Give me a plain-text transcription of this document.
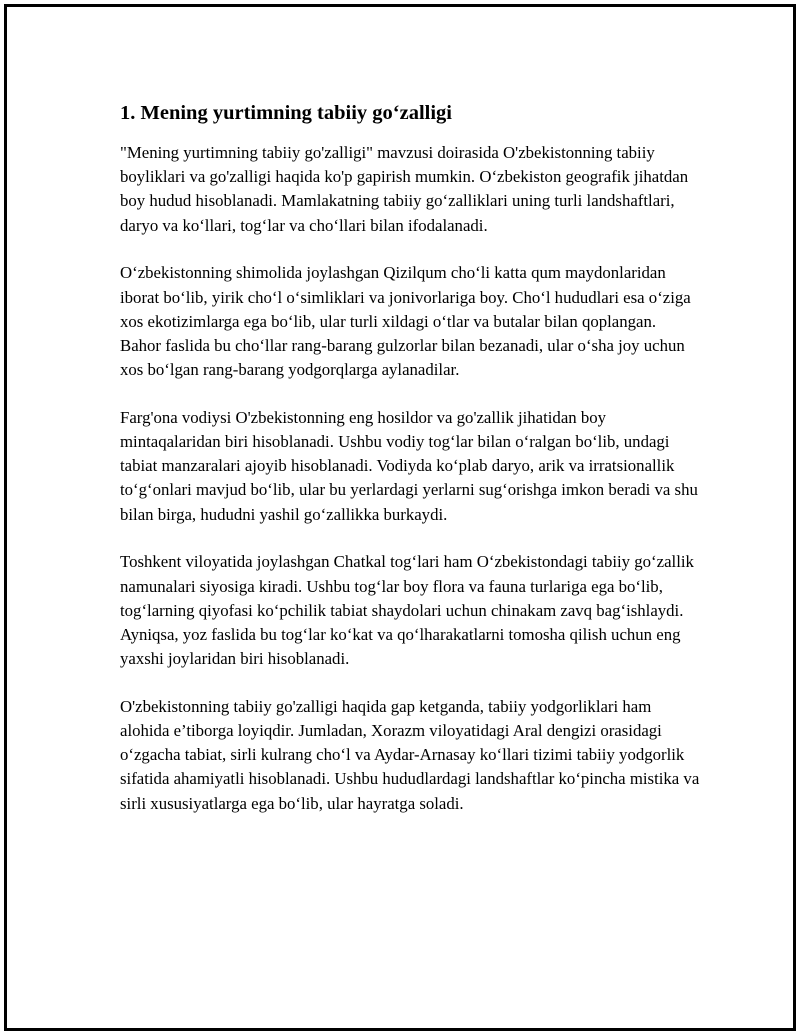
1. Mening yurtimning tabiiy go‘zalligi

"Mening yurtimning tabiiy go'zalligi" mavzusi doirasida O'zbekistonning tabiiy boyliklari va go'zalligi haqida ko'p gapirish mumkin. O‘zbekiston geografik jihatdan boy hudud hisoblanadi. Mamlakatning tabiiy go‘zalliklari uning turli landshaftlari, daryo va ko‘llari, tog‘lar va cho‘llari bilan ifodalanadi.

O‘zbekistonning shimolida joylashgan Qizilqum cho‘li katta qum maydonlaridan iborat bo‘lib, yirik cho‘l o‘simliklari va jonivorlariga boy. Cho‘l hududlari esa o‘ziga xos ekotizimlarga ega bo‘lib, ular turli xildagi o‘tlar va butalar bilan qoplangan. Bahor faslida bu cho‘llar rang-barang gulzorlar bilan bezanadi, ular o‘sha joy uchun xos bo‘lgan rang-barang yodgorqlarga aylanadilar.

Farg'ona vodiysi O'zbekistonning eng hosildor va go'zallik jihatidan boy mintaqalaridan biri hisoblanadi. Ushbu vodiy tog‘lar bilan o‘ralgan bo‘lib, undagi tabiat manzaralari ajoyib hisoblanadi. Vodiyda ko‘plab daryo, arik va irratsionallik to‘g‘onlari mavjud bo‘lib, ular bu yerlardagi yerlarni sug‘orishga imkon beradi va shu bilan birga, hududni yashil go‘zallikka burkaydi.

Toshkent viloyatida joylashgan Chatkal tog‘lari ham O‘zbekistondagi tabiiy go‘zallik namunalari siyosiga kiradi. Ushbu tog‘lar boy flora va fauna turlariga ega bo‘lib, tog‘larning qiyofasi ko‘pchilik tabiat shaydolari uchun chinakam zavq bag‘ishlaydi. Ayniqsa, yoz faslida bu tog‘lar ko‘kat va qo‘lharakatlarni tomosha qilish uchun eng yaxshi joylaridan biri hisoblanadi.

O'zbekistonning tabiiy go'zalligi haqida gap ketganda, tabiiy yodgorliklari ham alohida e’tiborga loyiqdir. Jumladan, Xorazm viloyatidagi Aral dengizi orasidagi o‘zgacha tabiat, sirli kulrang cho‘l va Aydar-Arnasay ko‘llari tizimi tabiiy yodgorlik sifatida ahamiyatli hisoblanadi. Ushbu hududlardagi landshaftlar ko‘pincha mistika va sirli xususiyatlarga ega bo‘lib, ular hayratga soladi.
